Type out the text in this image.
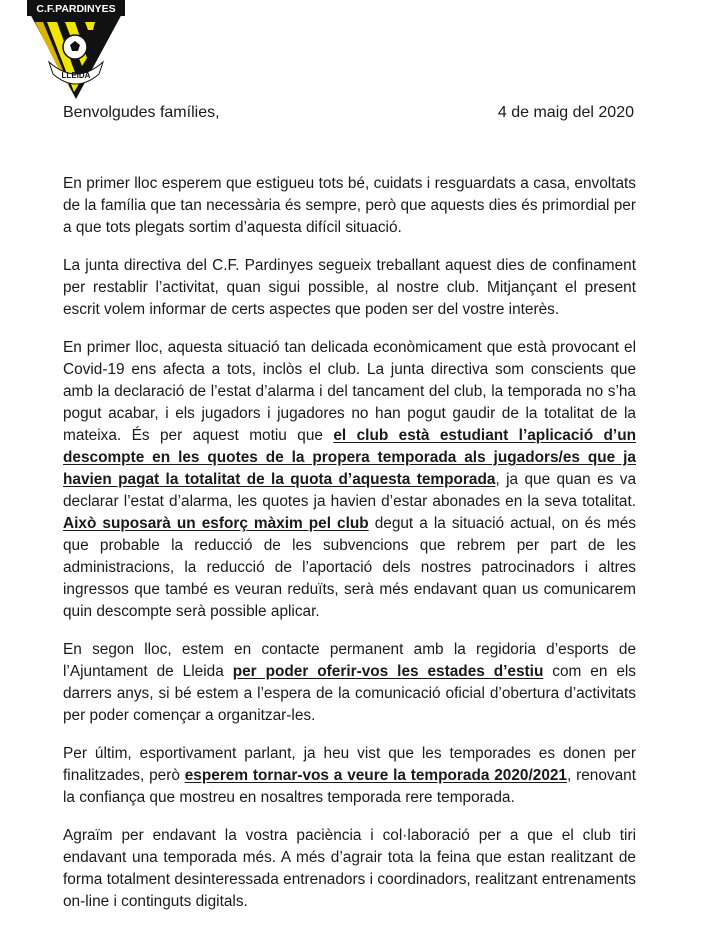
C.F.PARDINYES
LLEIDA
Benvolgudes famílies,	4 de maig del 2020

En primer lloc esperem que estigueu tots bé, cuidats i resguardats a casa, envoltats de la família que tan necessària és sempre, però que aquests dies és primordial per a que tots plegats sortim d’aquesta difícil situació.

La junta directiva del C.F. Pardinyes segueix treballant aquest dies de confinament per restablir l’activitat, quan sigui possible, al nostre club. Mitjançant el present escrit volem informar de certs aspectes que poden ser del vostre interès.

En primer lloc, aquesta situació tan delicada econòmicament que està provocant el Covid-19 ens afecta a tots, inclòs el club. La junta directiva som conscients que amb la declaració de l’estat d’alarma i del tancament del club, la temporada no s’ha pogut acabar, i els jugadors i jugadores no han pogut gaudir de la totalitat de la mateixa. És per aquest motiu que el club està estudiant l’aplicació d’un descompte en les quotes de la propera temporada als jugadors/es que ja havien pagat la totalitat de la quota d’aquesta temporada, ja que quan es va declarar l’estat d’alarma, les quotes ja havien d’estar abonades en la seva totalitat. Això suposarà un esforç màxim pel club degut a la situació actual, on és més que probable la reducció de les subvencions que rebrem per part de les administracions, la reducció de l’aportació dels nostres patrocinadors i altres ingressos que també es veuran reduïts, serà més endavant quan us comunicarem quin descompte serà possible aplicar.

En segon lloc, estem en contacte permanent amb la regidoria d’esports de l’Ajuntament de Lleida per poder oferir-vos les estades d’estiu com en els darrers anys, si bé estem a l’espera de la comunicació oficial d’obertura d’activitats per poder començar a organitzar-les.

Per últim, esportivament parlant, ja heu vist que les temporades es donen per finalitzades, però esperem tornar-vos a veure la temporada 2020/2021, renovant la confiança que mostreu en nosaltres temporada rere temporada.

Agraïm per endavant la vostra paciència i col·laboració per a que el club tiri endavant una temporada més. A més d’agrair tota la feina que estan realitzant de forma totalment desinteressada entrenadors i coordinadors, realitzant entrenaments on-line i continguts digitals.
